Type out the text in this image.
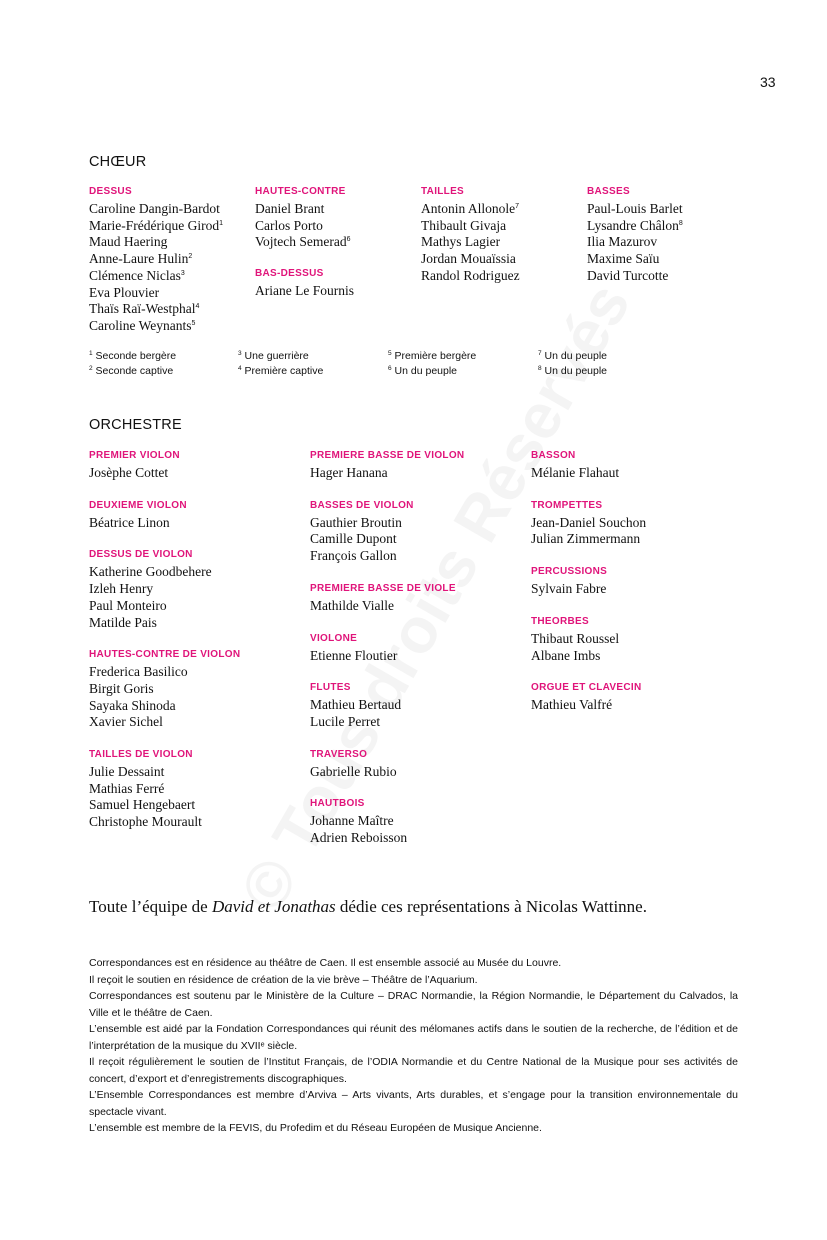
33
CHŒUR
DESSUS
Caroline Dangin-Bardot
Marie-Frédérique Girod$^1$
Maud Haering
Anne-Laure Hulin$^2$
Clémence Niclas$^3$
Eva Plouvier
Thaïs Raï-Westphal$^4$
Caroline Weynants$^5$
HAUTES-CONTRE
Daniel Brant
Carlos Porto
Vojtech Semerad$^6$
BAS-DESSUS
Ariane Le Fournis
TAILLES
Antonin Allonole$^7$
Thibault Givaja
Mathys Lagier
Jordan Mouaïssia
Randol Rodriguez
BASSES
Paul-Louis Barlet
Lysandre Châlon$^8$
Ilia Mazurov
Maxime Saïu
David Turcotte
$^1$ Seconde bergère
$^2$ Seconde captive
$^3$ Une guerrière
$^4$ Première captive
$^5$ Première bergère
$^6$ Un du peuple
$^7$ Un du peuple
$^8$ Un du peuple
ORCHESTRE
PREMIER VIOLON
Josèphe Cottet
DEUXIEME VIOLON
Béatrice Linon
DESSUS DE VIOLON
Katherine Goodbehere
Izleh Henry
Paul Monteiro
Matilde Pais
HAUTES-CONTRE DE VIOLON
Frederica Basilico
Birgit Goris
Sayaka Shinoda
Xavier Sichel
TAILLES DE VIOLON
Julie Dessaint
Mathias Ferré
Samuel Hengebaert
Christophe Mourault
PREMIERE BASSE DE VIOLON
Hager Hanana
BASSES DE VIOLON
Gauthier Broutin
Camille Dupont
François Gallon
PREMIERE BASSE DE VIOLE
Mathilde Vialle
VIOLONE
Etienne Floutier
FLUTES
Mathieu Bertaud
Lucile Perret
TRAVERSO
Gabrielle Rubio
HAUTBOIS
Johanne Maître
Adrien Reboisson
BASSON
Mélanie Flahaut
TROMPETTES
Jean-Daniel Souchon
Julian Zimmermann
PERCUSSIONS
Sylvain Fabre
THEORBES
Thibaut Roussel
Albane Imbs
ORGUE ET CLAVECIN
Mathieu Valfré
Toute l’équipe de David et Jonathas dédie ces représentations à Nicolas Wattinne.

Correspondances est en résidence au théâtre de Caen. Il est ensemble associé au Musée du Louvre.

Il reçoit le soutien en résidence de création de la vie brève – Théâtre de l’Aquarium.

Correspondances est soutenu par le Ministère de la Culture – DRAC Normandie, la Région Normandie, le Département du Calvados, la Ville et le théâtre de Caen.

L’ensemble est aidé par la Fondation Correspondances qui réunit des mélomanes actifs dans le soutien de la recherche, de l’édition et de l’interprétation de la musique du XVIIᵉ siècle.

Il reçoit régulièrement le soutien de l’Institut Français, de l’ODIA Normandie et du Centre National de la Musique pour ses activités de concert, d’export et d’enregistrements discographiques.

L’Ensemble Correspondances est membre d’Arviva – Arts vivants, Arts durables, et s’engage pour la transition environnementale du spectacle vivant.

L’ensemble est membre de la FEVIS, du Profedim et du Réseau Européen de Musique Ancienne.
